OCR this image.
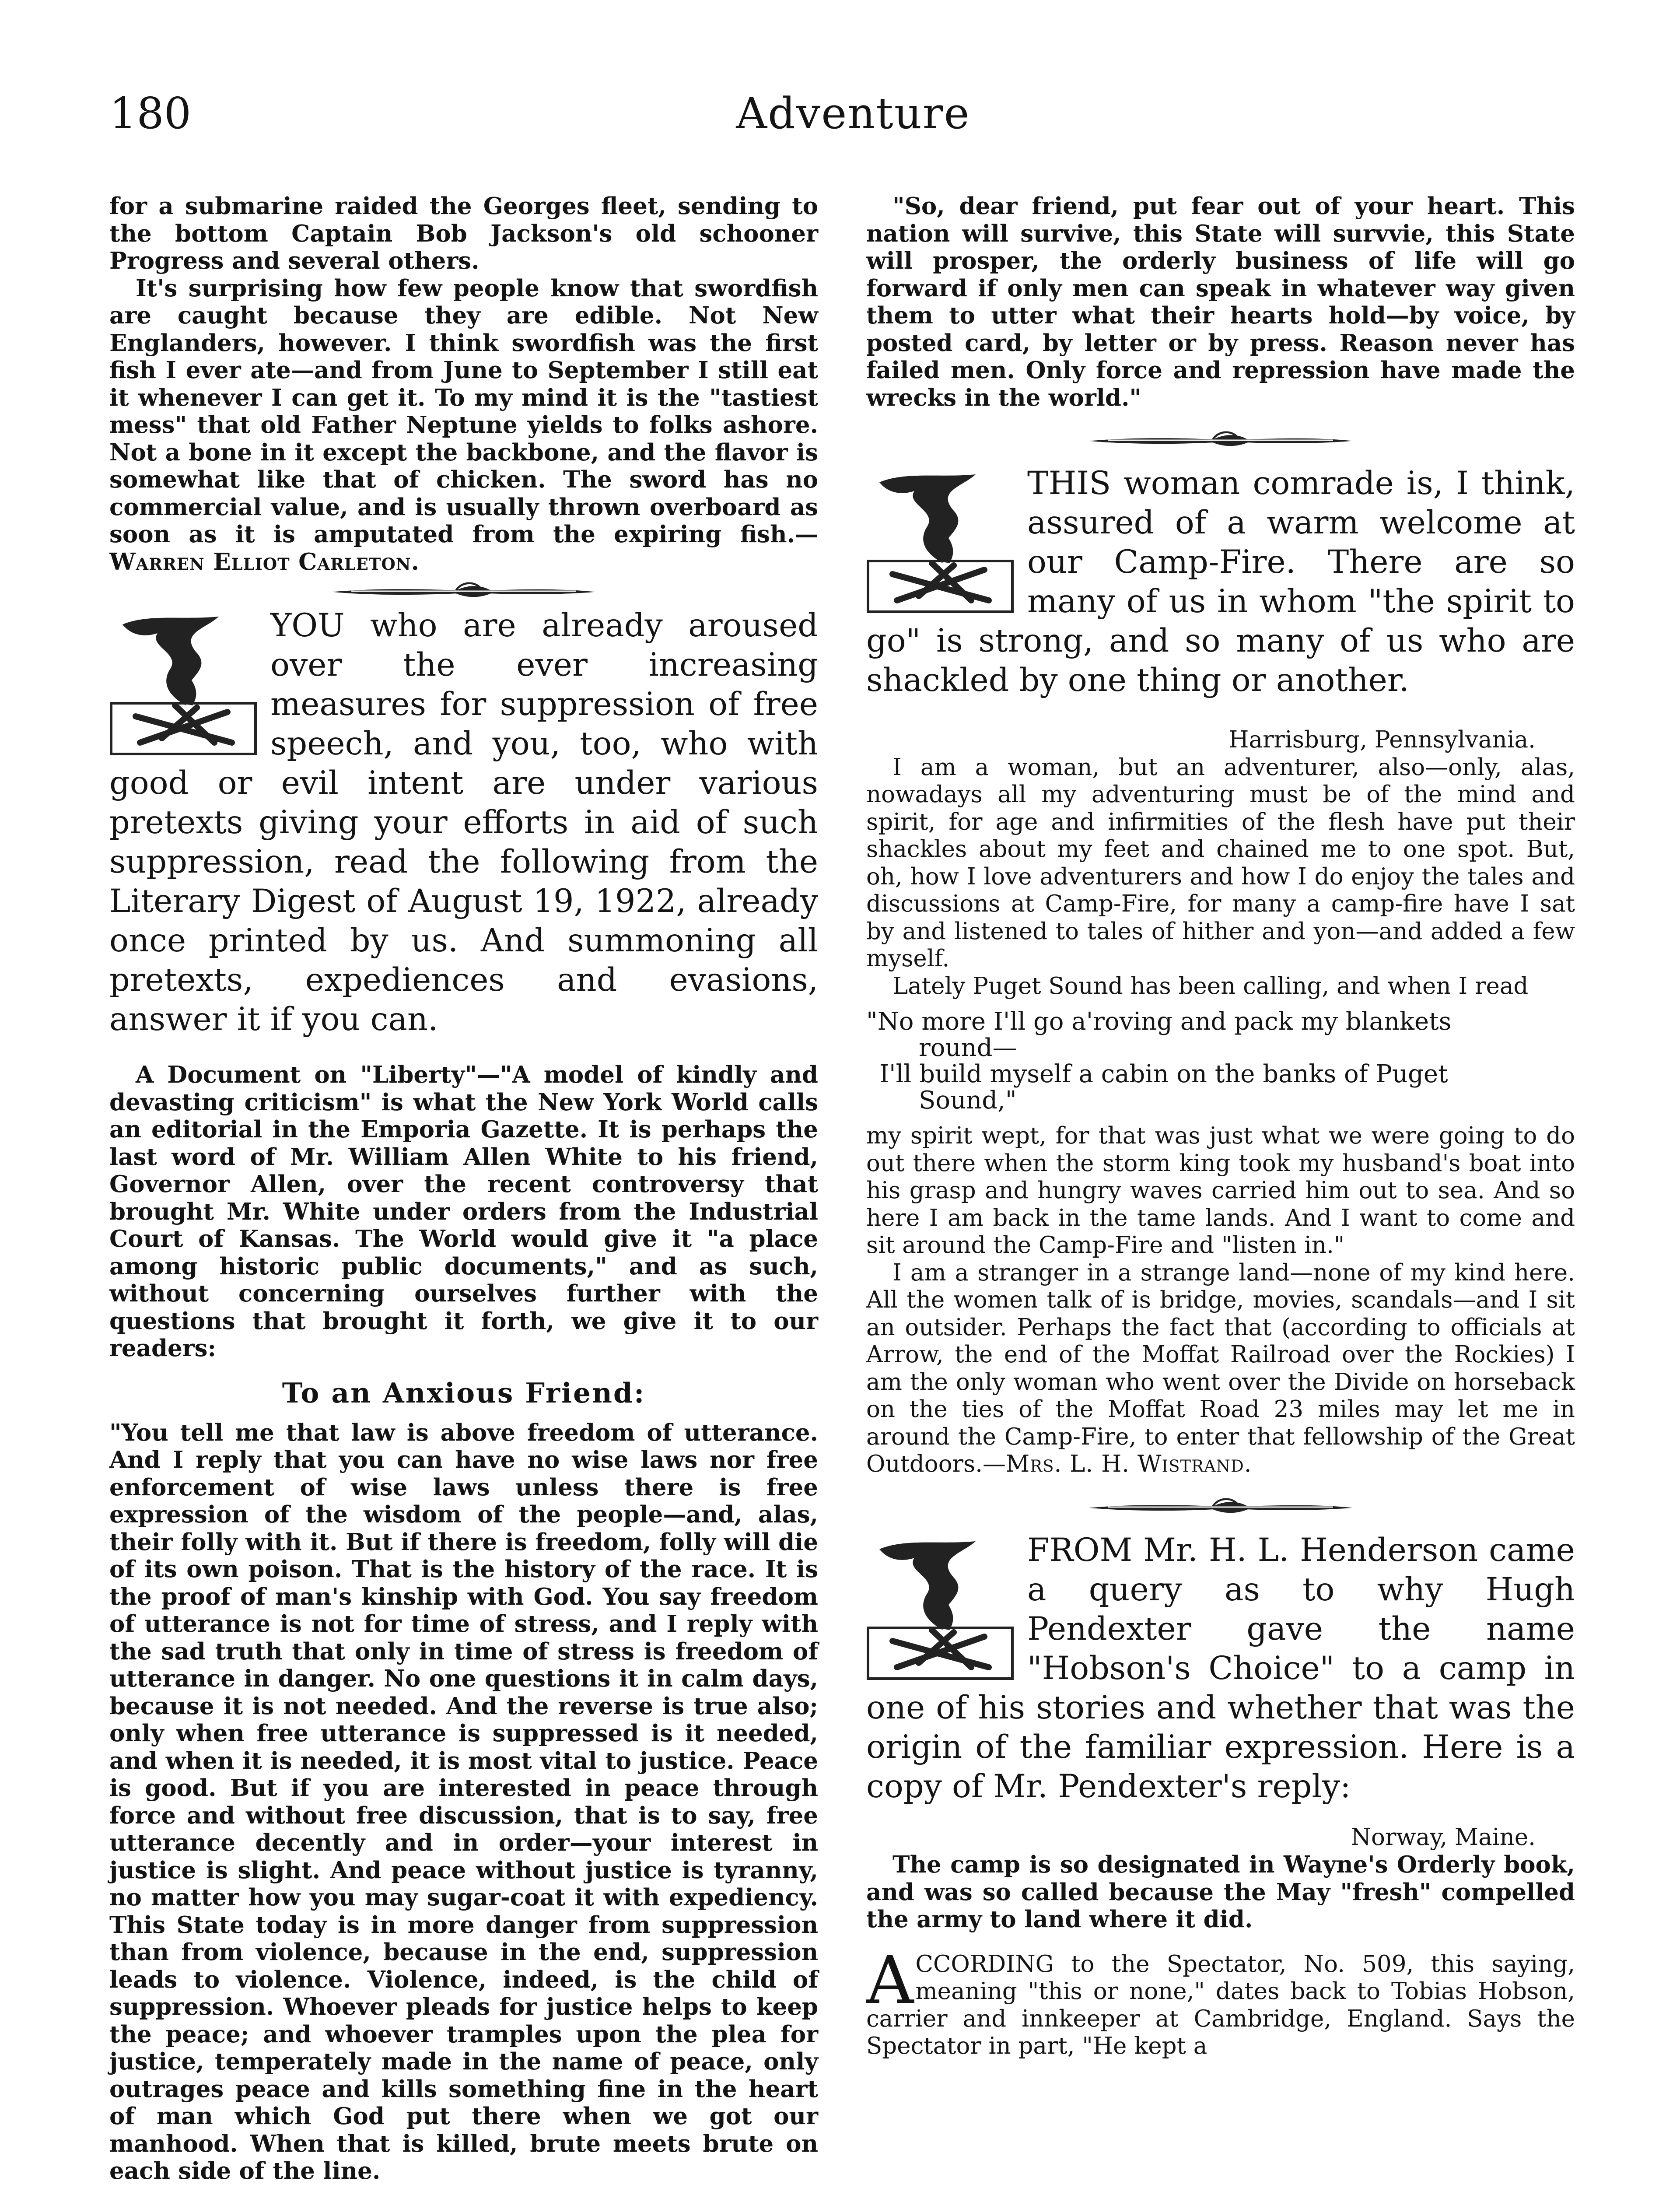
180	Adventure

for a submarine raided the Georges fleet, sending to the bottom Captain Bob Jackson's old schooner Progress and several others.

It's surprising how few people know that swordfish are caught because they are edible. Not New Englanders, however. I think swordfish was the first fish I ever ate—and from June to September I still eat it whenever I can get it. To my mind it is the "tastiest mess" that old Father Neptune yields to folks ashore. Not a bone in it except the backbone, and the flavor is somewhat like that of chicken. The sword has no commercial value, and is usually thrown overboard as soon as it is amputated from the expiring fish.—Warren Elliot Carleton.

YOU who are already aroused over the ever increasing measures for suppression of free speech, and you, too, who with good or evil intent are under various pretexts giving your efforts in aid of such suppression, read the following from the Literary Digest of August 19, 1922, already once printed by us. And summoning all pretexts, expediences and evasions, answer it if you can.

A Document on "Liberty"—"A model of kindly and devasting criticism" is what the New York World calls an editorial in the Emporia Gazette. It is perhaps the last word of Mr. William Allen White to his friend, Governor Allen, over the recent controversy that brought Mr. White under orders from the Industrial Court of Kansas. The World would give it "a place among historic public documents," and as such, without concerning ourselves further with the questions that brought it forth, we give it to our readers:

To an Anxious Friend:

"You tell me that law is above freedom of utterance. And I reply that you can have no wise laws nor free enforcement of wise laws unless there is free expression of the wisdom of the people—and, alas, their folly with it. But if there is freedom, folly will die of its own poison. That is the history of the race. It is the proof of man's kinship with God. You say freedom of utterance is not for time of stress, and I reply with the sad truth that only in time of stress is freedom of utterance in danger. No one questions it in calm days, because it is not needed. And the reverse is true also; only when free utterance is suppressed is it needed, and when it is needed, it is most vital to justice. Peace is good. But if you are interested in peace through force and without free discussion, that is to say, free utterance decently and in order—your interest in justice is slight. And peace without justice is tyranny, no matter how you may sugar-coat it with expediency. This State today is in more danger from suppression than from violence, because in the end, suppression leads to violence. Violence, indeed, is the child of suppression. Whoever pleads for justice helps to keep the peace; and whoever tramples upon the plea for justice, temperately made in the name of peace, only outrages peace and kills something fine in the heart of man which God put there when we got our manhood. When that is killed, brute meets brute on each side of the line.

"So, dear friend, put fear out of your heart. This nation will survive, this State will survvie, this State will prosper, the orderly business of life will go forward if only men can speak in whatever way given them to utter what their hearts hold—by voice, by posted card, by letter or by press. Reason never has failed men. Only force and repression have made the wrecks in the world."

THIS woman comrade is, I think, assured of a warm welcome at our Camp-Fire. There are so many of us in whom "the spirit to go" is strong, and so many of us who are shackled by one thing or another.

Harrisburg, Pennsylvania.

I am a woman, but an adventurer, also—only, alas, nowadays all my adventuring must be of the mind and spirit, for age and infirmities of the flesh have put their shackles about my feet and chained me to one spot. But, oh, how I love adventurers and how I do enjoy the tales and discussions at Camp-Fire, for many a camp-fire have I sat by and listened to tales of hither and yon—and added a few myself.

Lately Puget Sound has been calling, and when I read

"No more I'll go a'roving and pack my blankets
round—
I'll build myself a cabin on the banks of Puget
Sound,"

my spirit wept, for that was just what we were going to do out there when the storm king took my husband's boat into his grasp and hungry waves carried him out to sea. And so here I am back in the tame lands. And I want to come and sit around the Camp-Fire and "listen in."

I am a stranger in a strange land—none of my kind here. All the women talk of is bridge, movies, scandals—and I sit an outsider. Perhaps the fact that (according to officials at Arrow, the end of the Moffat Railroad over the Rockies) I am the only woman who went over the Divide on horseback on the ties of the Moffat Road 23 miles may let me in around the Camp-Fire, to enter that fellowship of the Great Outdoors.—Mrs. L. H. Wistrand.

FROM Mr. H. L. Henderson came a query as to why Hugh Pendexter gave the name "Hobson's Choice" to a camp in one of his stories and whether that was the origin of the familiar expression. Here is a copy of Mr. Pendexter's reply:

Norway, Maine.

The camp is so designated in Wayne's Orderly book, and was so called because the May "fresh" compelled the army to land where it did.

ACCORDING to the Spectator, No. 509, this saying, meaning "this or none," dates back to Tobias Hobson, carrier and innkeeper at Cambridge, England. Says the Spectator in part, "He kept a
